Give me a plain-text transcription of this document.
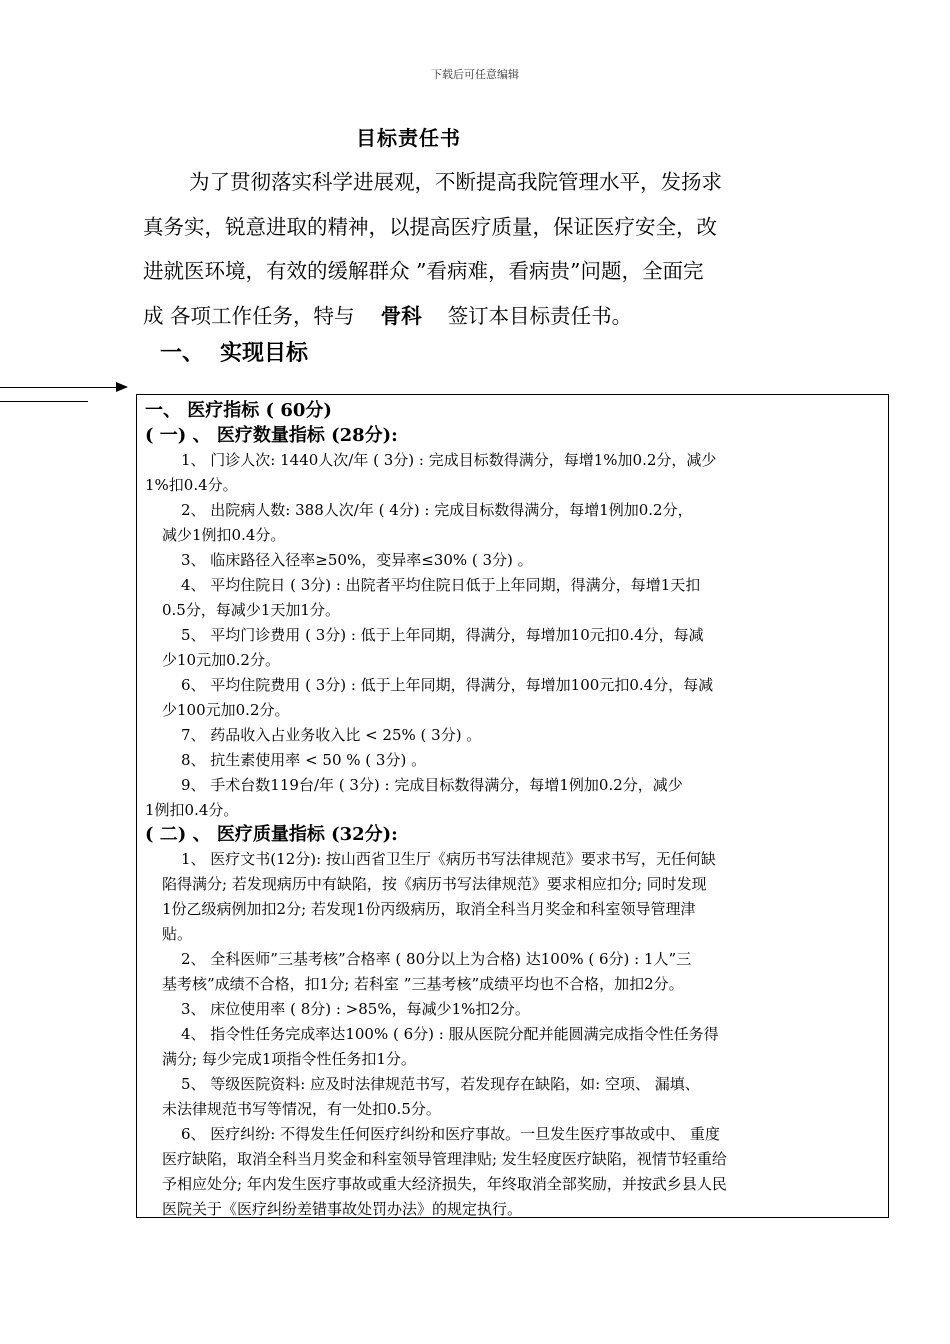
下载后可任意编辑
目标责任书

为了贯彻落实科学进展观，不断提高我院管理水平，发扬求

真务实，锐意进取的精神，以提高医疗质量，保证医疗安全，改

进就医环境，有效的缓解群众 ”看病难，看病贵”问题，全面完

成 各项工作任务，特与 骨科 签订本目标责任书。

一、 实现目标

一、 医疗指标 ( 60分)

( 一) 、 医疗数量指标 (28分):

1、 门诊人次: 1440人次/年 ( 3分) : 完成目标数得满分，每增1%加0.2分，减少
1%扣0.4分。
2、 出院病人数: 388人次/年 ( 4分) : 完成目标数得满分，每增1例加0.2分，
减少1例扣0.4分。
3、 临床路径入径率≥50%，变异率≤30% ( 3分) 。
4、 平均住院日 ( 3分) : 出院者平均住院日低于上年同期，得满分，每增1天扣
0.5分，每减少1天加1分。
5、 平均门诊费用 ( 3分) : 低于上年同期，得满分，每增加10元扣0.4分，每减
少10元加0.2分。
6、 平均住院费用 ( 3分) : 低于上年同期，得满分，每增加100元扣0.4分，每减
少100元加0.2分。
7、 药品收入占业务收入比 < 25% ( 3分) 。
8、 抗生素使用率 < 50 % ( 3分) 。
9、 手术台数119台/年 ( 3分) : 完成目标数得满分，每增1例加0.2分，减少
1例扣0.4分。

( 二) 、 医疗质量指标 (32分):

1、 医疗文书(12分): 按山西省卫生厅《病历书写法律规范》要求书写，无任何缺
陷得满分; 若发现病历中有缺陷，按《病历书写法律规范》要求相应扣分; 同时发现
1份乙级病例加扣2分; 若发现1份丙级病历，取消全科当月奖金和科室领导管理津
贴。
2、 全科医师”三基考核”合格率 ( 80分以上为合格) 达100% ( 6分) : 1人”三
基考核”成绩不合格，扣1分; 若科室 ”三基考核”成绩平均也不合格，加扣2分。
3、 床位使用率 ( 8分) : >85%，每减少1%扣2分。
4、 指令性任务完成率达100% ( 6分) : 服从医院分配并能圆满完成指令性任务得
满分; 每少完成1项指令性任务扣1分。
5、 等级医院资料: 应及时法律规范书写，若发现存在缺陷，如: 空项、 漏填、
未法律规范书写等情况，有一处扣0.5分。
6、 医疗纠纷: 不得发生任何医疗纠纷和医疗事故。一旦发生医疗事故或中、 重度
医疗缺陷，取消全科当月奖金和科室领导管理津贴; 发生轻度医疗缺陷，视情节轻重给
予相应处分; 年内发生医疗事故或重大经济损失，年终取消全部奖励，并按武乡县人民
医院关于《医疗纠纷差错事故处罚办法》的规定执行。
